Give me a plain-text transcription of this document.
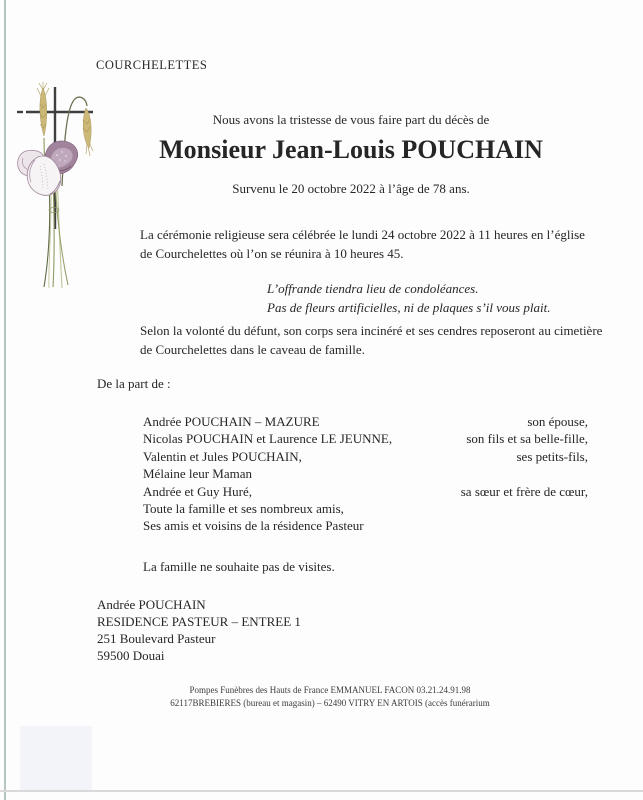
COURCHELETTES
Nous avons la tristesse de vous faire part du décès de
Monsieur Jean-Louis POUCHAIN
Survenu le 20 octobre 2022 à l’âge de 78 ans.
La cérémonie religieuse sera célébrée le lundi 24 octobre 2022 à 11 heures en l’église
de Courchelettes où l’on se réunira à 10 heures 45.
L’offrande tiendra lieu de condoléances.
Pas de fleurs artificielles, ni de plaques s’il vous plait.
Selon la volonté du défunt, son corps sera incinéré et ses cendres reposeront au cimetière
de Courchelettes dans le caveau de famille.
De la part de :
Andrée POUCHAIN – MAZURE	son épouse,
Nicolas POUCHAIN et Laurence LE JEUNNE,	son fils et sa belle-fille,
Valentin et Jules POUCHAIN,	ses petits-fils,
Mélaine leur Maman
Andrée et Guy Huré,	sa sœur et frère de cœur,
Toute la famille et ses nombreux amis,
Ses amis et voisins de la résidence Pasteur
La famille ne souhaite pas de visites.
Andrée POUCHAIN
RESIDENCE PASTEUR – ENTREE 1
251 Boulevard Pasteur
59500 Douai
Pompes Funèbres des Hauts de France EMMANUEL FACON 03.21.24.91.98
62117BREBIERES (bureau et magasin) – 62490 VITRY EN ARTOIS (accès funérarium
